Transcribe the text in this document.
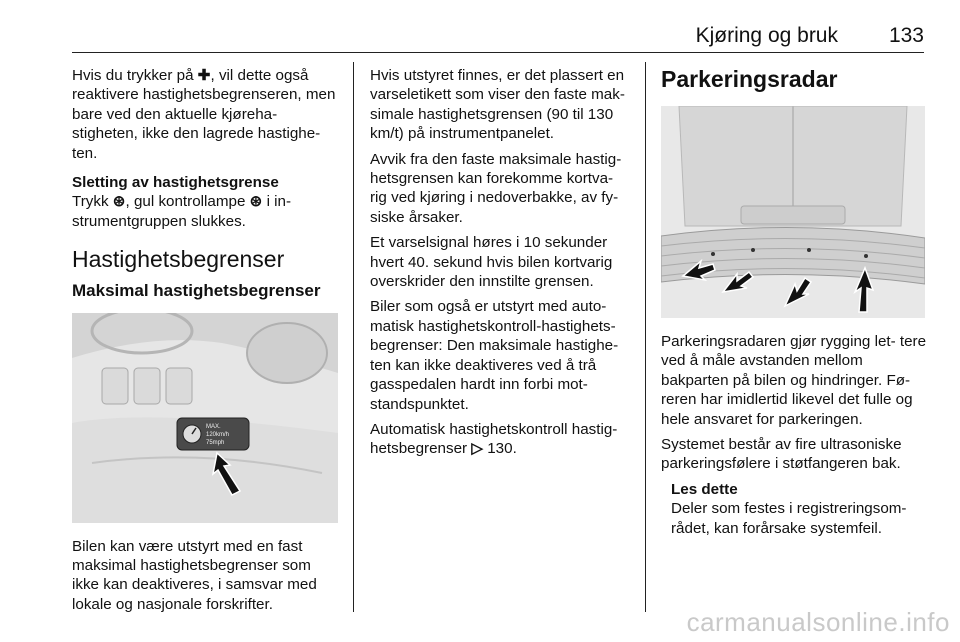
Kjøring og bruk 133

Hvis du trykker på ✚, vil dette også reaktivere hastighetsbegrenseren, men bare ved den aktuelle kjøreha- stigheten, ikke den lagrede hastighe- ten.

Sletting av hastighetsgrense

Trykk ⊛, gul kontrollampe ⊛ i in- strumentgruppen slukkes.

Hastighetsbegrenser
Maksimal hastighetsbegrenser
MAX.
120km/h
75mph

Bilen kan være utstyrt med en fast maksimal hastighetsbegrenser som ikke kan deaktiveres, i samsvar med lokale og nasjonale forskrifter.

Hvis utstyret finnes, er det plassert en varseletikett som viser den faste mak- simale hastighetsgrensen (90 til 130 km/t) på instrumentpanelet.

Avvik fra den faste maksimale hastig- hetsgrensen kan forekomme kortva- rig ved kjøring i nedoverbakke, av fy- siske årsaker.

Et varselsignal høres i 10 sekunder hvert 40. sekund hvis bilen kortvarig overskrider den innstilte grensen.

Biler som også er utstyrt med auto- matisk hastighetskontroll-hastighets- begrenser: Den maksimale hastighe- ten kan ikke deaktiveres ved å trå gasspedalen hardt inn forbi mot- standspunktet.

Automatisk hastighetskontroll hastig- hetsbegrenser ▷ 130.

Parkeringsradar

Parkeringsradaren gjør rygging let- tere ved å måle avstanden mellom bakparten på bilen og hindringer. Fø- reren har imidlertid likevel det fulle og hele ansvaret for parkeringen.

Systemet består av fire ultrasoniske parkeringsfølere i støtfangeren bak.

Les dette
Deler som festes i registreringsom- rådet, kan forårsake systemfeil.
carmanualsonline.info
